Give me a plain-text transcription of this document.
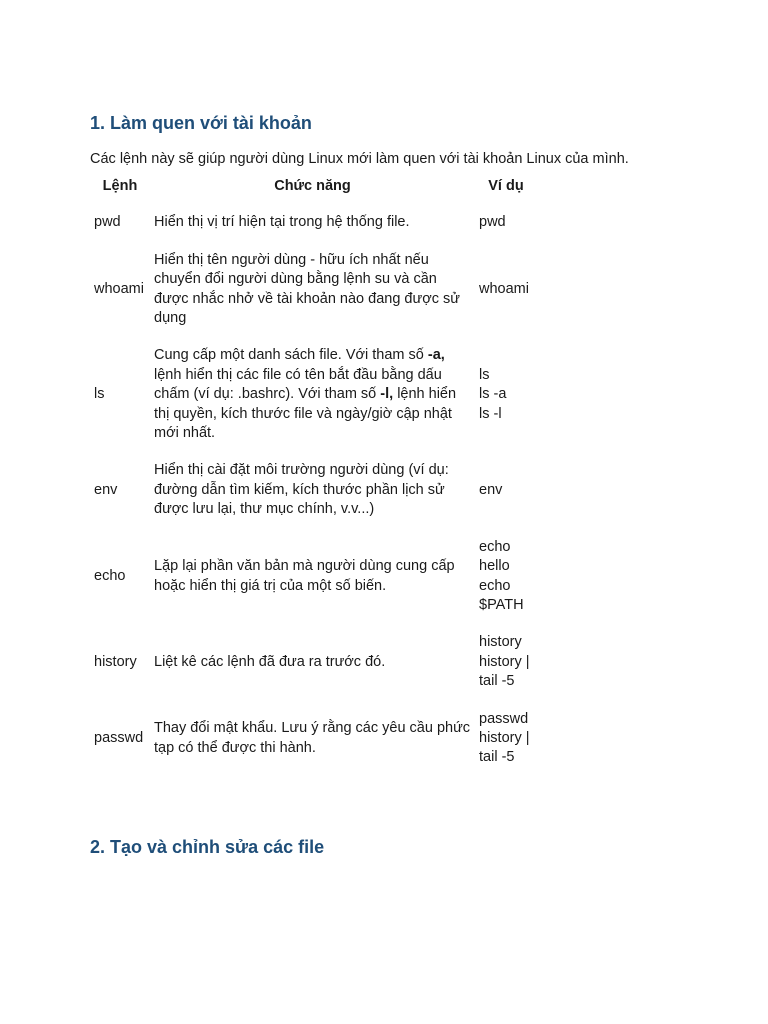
1. Làm quen với tài khoản

Các lệnh này sẽ giúp người dùng Linux mới làm quen với tài khoản Linux của mình.

Lệnh	Chức năng	Ví dụ
pwd	Hiển thị vị trí hiện tại trong hệ thống file.	pwd

whoami	Hiển thị tên người dùng - hữu ích nhất nếu chuyển đổi người dùng bằng lệnh su và cần được nhắc nhở về tài khoản nào đang được sử dụng	whoami

ls	Cung cấp một danh sách file. Với tham số -a, lệnh hiển thị các file có tên bắt đầu bằng dấu chấm (ví dụ: .bashrc). Với tham số -l, lệnh hiển thị quyền, kích thước file và ngày/giờ cập nhật mới nhất.	ls
ls -a
ls -l

env	Hiển thị cài đặt môi trường người dùng (ví dụ: đường dẫn tìm kiếm, kích thước phần lịch sử được lưu lại, thư mục chính, v.v...)	env

echo	Lặp lại phần văn bản mà người dùng cung cấp hoặc hiển thị giá trị của một số biến.	echo
hello
echo
$PATH

history	Liệt kê các lệnh đã đưa ra trước đó.	history
history |
tail -5

passwd	Thay đổi mật khẩu. Lưu ý rằng các yêu cầu phức tạp có thể được thi hành.	passwd
history |
tail -5
2. Tạo và chỉnh sửa các file
